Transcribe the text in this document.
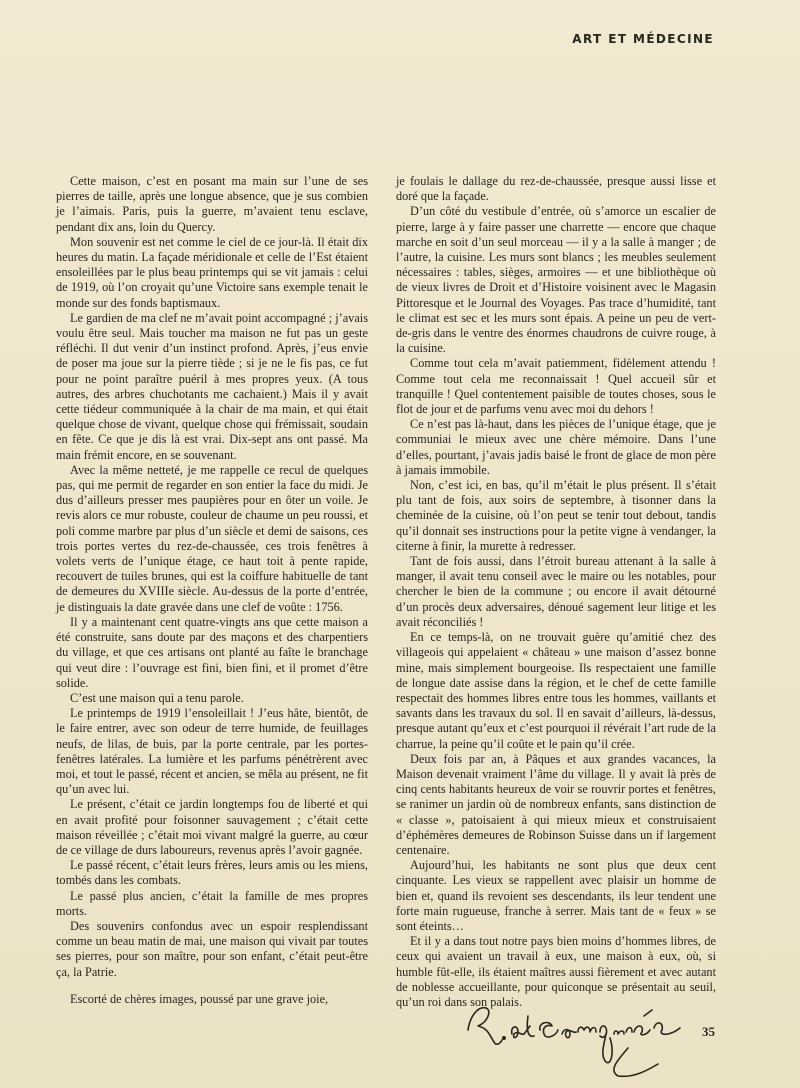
ART ET MÉDECINE

Cette maison, c’est en posant ma main sur l’une de ses pierres de taille, après une longue absence, que je sus combien je l’aimais. Paris, puis la guerre, m’avaient tenu esclave, pendant dix ans, loin du Quercy.

Mon souvenir est net comme le ciel de ce jour-là. Il était dix heures du matin. La façade méridionale et celle de l’Est étaient ensoleillées par le plus beau printemps qui se vit jamais : celui de 1919, où l’on croyait qu’une Victoire sans exemple tenait le monde sur des fonds baptismaux.

Le gardien de ma clef ne m’avait point accompagné ; j’avais voulu être seul. Mais toucher ma maison ne fut pas un geste réfléchi. Il dut venir d’un instinct profond. Après, j’eus envie de poser ma joue sur la pierre tiède ; si je ne le fis pas, ce fut pour ne point paraître puéril à mes propres yeux. (A tous autres, des arbres chuchotants me cachaient.) Mais il y avait cette tiédeur communiquée à la chair de ma main, et qui était quelque chose de vivant, quelque chose qui frémissait, soudain en fête. Ce que je dis là est vrai. Dix-sept ans ont passé. Ma main frémit encore, en se souvenant.

Avec la même netteté, je me rappelle ce recul de quelques pas, qui me permit de regarder en son entier la face du midi. Je dus d’ailleurs presser mes paupières pour en ôter un voile. Je revis alors ce mur robuste, couleur de chaume un peu roussi, et poli comme marbre par plus d’un siècle et demi de saisons, ces trois portes vertes du rez-de-chaussée, ces trois fenêtres à volets verts de l’unique étage, ce haut toit à pente rapide, recouvert de tuiles brunes, qui est la coiffure habituelle de tant de demeures du XVIIIe siècle. Au-dessus de la porte d’entrée, je distinguais la date gravée dans une clef de voûte : 1756.

Il y a maintenant cent quatre-vingts ans que cette maison a été construite, sans doute par des maçons et des charpentiers du village, et que ces artisans ont planté au faîte le branchage qui veut dire : l’ouvrage est fini, bien fini, et il promet d’être solide.

C’est une maison qui a tenu parole.

Le printemps de 1919 l’ensoleillait ! J’eus hâte, bientôt, de le faire entrer, avec son odeur de terre humide, de feuillages neufs, de lilas, de buis, par la porte centrale, par les portes-fenêtres latérales. La lumière et les parfums pénétrèrent avec moi, et tout le passé, récent et ancien, se mêla au présent, ne fit qu’un avec lui.

Le présent, c’était ce jardin longtemps fou de liberté et qui en avait profité pour foisonner sauvagement ; c’était cette maison réveillée ; c’était moi vivant malgré la guerre, au cœur de ce village de durs laboureurs, revenus après l’avoir gagnée.

Le passé récent, c’était leurs frères, leurs amis ou les miens, tombés dans les combats.

Le passé plus ancien, c’était la famille de mes propres morts.

Des souvenirs confondus avec un espoir resplendissant comme un beau matin de mai, une maison qui vivait par toutes ses pierres, pour son maître, pour son enfant, c’était peut-être ça, la Patrie.

Escorté de chères images, poussé par une grave joie,

je foulais le dallage du rez-de-chaussée, presque aussi lisse et doré que la façade.

D’un côté du vestibule d’entrée, où s’amorce un escalier de pierre, large à y faire passer une charrette — encore que chaque marche en soit d’un seul morceau — il y a la salle à manger ; de l’autre, la cuisine. Les murs sont blancs ; les meubles seulement nécessaires : tables, sièges, armoires — et une bibliothèque où de vieux livres de Droit et d’Histoire voisinent avec le Magasin Pittoresque et le Journal des Voyages. Pas trace d’humidité, tant le climat est sec et les murs sont épais. A peine un peu de vert-de-gris dans le ventre des énormes chaudrons de cuivre rouge, à la cuisine.

Comme tout cela m’avait patiemment, fidèlement attendu ! Comme tout cela me reconnaissait ! Quel accueil sûr et tranquille ! Quel contentement paisible de toutes choses, sous le flot de jour et de parfums venu avec moi du dehors !

Ce n’est pas là-haut, dans les pièces de l’unique étage, que je communiai le mieux avec une chère mémoire. Dans l’une d’elles, pourtant, j’avais jadis baisé le front de glace de mon père à jamais immobile.

Non, c’est ici, en bas, qu’il m’était le plus présent. Il s’était plu tant de fois, aux soirs de septembre, à tisonner dans la cheminée de la cuisine, où l’on peut se tenir tout debout, tandis qu’il donnait ses instructions pour la petite vigne à vendanger, la citerne à finir, la murette à redresser.

Tant de fois aussi, dans l’étroit bureau attenant à la salle à manger, il avait tenu conseil avec le maire ou les notables, pour chercher le bien de la commune ; ou encore il avait détourné d’un procès deux adversaires, dénoué sagement leur litige et les avait réconciliés !

En ce temps-là, on ne trouvait guère qu’amitié chez des villageois qui appelaient « château » une maison d’assez bonne mine, mais simplement bourgeoise. Ils respectaient une famille de longue date assise dans la région, et le chef de cette famille respectait des hommes libres entre tous les hommes, vaillants et savants dans les travaux du sol. Il en savait d’ailleurs, là-dessus, presque autant qu’eux et c’est pourquoi il révérait l’art rude de la charrue, la peine qu’il coûte et le pain qu’il crée.

Deux fois par an, à Pâques et aux grandes vacances, la Maison devenait vraiment l’âme du village. Il y avait là près de cinq cents habitants heureux de voir se rouvrir portes et fenêtres, se ranimer un jardin où de nombreux enfants, sans distinction de « classe », patoisaient à qui mieux mieux et construisaient d’éphémères demeures de Robinson Suisse dans un if largement centenaire.

Aujourd’hui, les habitants ne sont plus que deux cent cinquante. Les vieux se rappellent avec plaisir un homme de bien et, quand ils revoient ses descendants, ils leur tendent une forte main rugueuse, franche à serrer. Mais tant de « feux » se sont éteints…

Et il y a dans tout notre pays bien moins d’hommes libres, de ceux qui avaient un travail à eux, une maison à eux, où, si humble fût-elle, ils étaient maîtres aussi fièrement et avec autant de noblesse accueillante, pour quiconque se présentait au seuil, qu’un roi dans son palais.

35
